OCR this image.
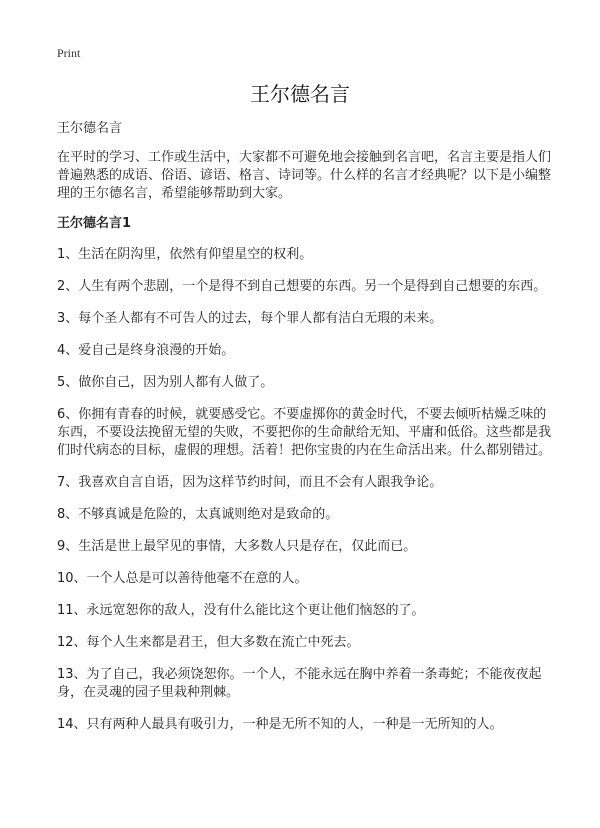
Print
王尔德名言

王尔德名言

在平时的学习、工作或生活中，大家都不可避免地会接触到名言吧，名言主要是指人们普遍熟悉的成语、俗语、谚语、格言、诗词等。什么样的名言才经典呢？以下是小编整理的王尔德名言，希望能够帮助到大家。

王尔德名言1

1、生活在阴沟里，依然有仰望星空的权利。

2、人生有两个悲剧，一个是得不到自己想要的东西。另一个是得到自己想要的东西。

3、每个圣人都有不可告人的过去，每个罪人都有洁白无瑕的未来。

4、爱自己是终身浪漫的开始。

5、做你自己，因为别人都有人做了。

6、你拥有青春的时候，就要感受它。不要虚掷你的黄金时代，不要去倾听枯燥乏味的东西，不要设法挽留无望的失败，不要把你的生命献给无知、平庸和低俗。这些都是我们时代病态的目标，虚假的理想。活着！把你宝贵的内在生命活出来。什么都别错过。

7、我喜欢自言自语，因为这样节约时间，而且不会有人跟我争论。

8、不够真诚是危险的，太真诚则绝对是致命的。

9、生活是世上最罕见的事情，大多数人只是存在，仅此而已。

10、一个人总是可以善待他毫不在意的人。

11、永远宽恕你的敌人，没有什么能比这个更让他们恼怒的了。

12、每个人生来都是君王，但大多数在流亡中死去。

13、为了自己，我必须饶恕你。一个人，不能永远在胸中养着一条毒蛇；不能夜夜起身，在灵魂的园子里栽种荆棘。

14、只有两种人最具有吸引力，一种是无所不知的人，一种是一无所知的人。
